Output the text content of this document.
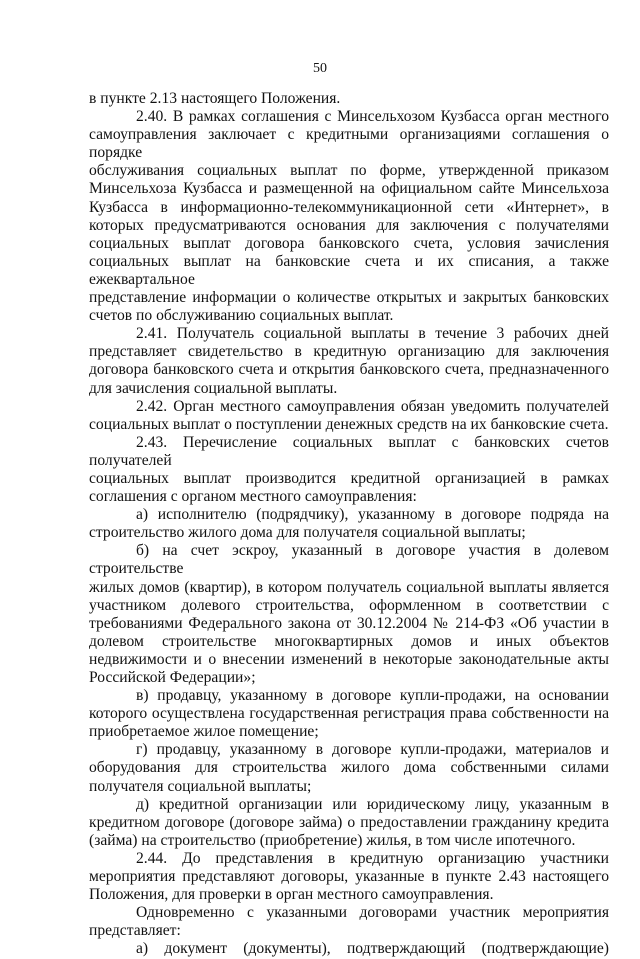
50

в пункте 2.13 настоящего Положения.

2.40. В рамках соглашения с Минсельхозом Кузбасса орган местного

самоуправления заключает с кредитными организациями соглашения о порядке

обслуживания социальных выплат по форме, утвержденной приказом

Минсельхоза Кузбасса и размещенной на официальном сайте Минсельхоза

Кузбасса в информационно-телекоммуникационной сети «Интернет», в

которых предусматриваются основания для заключения с получателями

социальных выплат договора банковского счета, условия зачисления

социальных выплат на банковские счета и их списания, а также ежеквартальное

представление информации о количестве открытых и закрытых банковских

счетов по обслуживанию социальных выплат.

2.41. Получатель социальной выплаты в течение 3 рабочих дней

представляет свидетельство в кредитную организацию для заключения

договора банковского счета и открытия банковского счета, предназначенного

для зачисления социальной выплаты.

2.42. Орган местного самоуправления обязан уведомить получателей

социальных выплат о поступлении денежных средств на их банковские счета.

2.43. Перечисление социальных выплат с банковских счетов получателей

социальных выплат производится кредитной организацией в рамках

соглашения с органом местного самоуправления:

а) исполнителю (подрядчику), указанному в договоре подряда на

строительство жилого дома для получателя социальной выплаты;

б) на счет эскроу, указанный в договоре участия в долевом строительстве

жилых домов (квартир), в котором получатель социальной выплаты является

участником долевого строительства, оформленном в соответствии с

требованиями Федерального закона от 30.12.2004 № 214-ФЗ «Об участии в

долевом строительстве многоквартирных домов и иных объектов

недвижимости и о внесении изменений в некоторые законодательные акты

Российской Федерации»;

в) продавцу, указанному в договоре купли-продажи, на основании

которого осуществлена государственная регистрация права собственности на

приобретаемое жилое помещение;

г) продавцу, указанному в договоре купли-продажи, материалов и

оборудования для строительства жилого дома собственными силами

получателя социальной выплаты;

д) кредитной организации или юридическому лицу, указанным в

кредитном договоре (договоре займа) о предоставлении гражданину кредита

(займа) на строительство (приобретение) жилья, в том числе ипотечного.

2.44. До представления в кредитную организацию участники

мероприятия представляют договоры, указанные в пункте 2.43 настоящего

Положения, для проверки в орган местного самоуправления.

Одновременно с указанными договорами участник мероприятия

представляет:

а) документ (документы), подтверждающий (подтверждающие)
